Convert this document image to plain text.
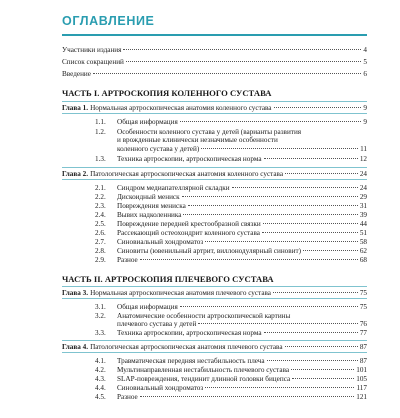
ОГЛАВЛЕНИЕ
Участники издания	4
Список сокращений	5
Введение	6
ЧАСТЬ I. АРТРОСКОПИЯ КОЛЕННОГО СУСТАВА
Глава 1. Нормальная артроскопическая анатомия коленного сустава	9
1.1.	Общая информация	9
1.2. Особенности коленного сустава у детей (варианты развития
и врожденные клинически незначимые особенности
коленного сустава у детей)	11
1.3.	Техника артроскопии, артроскопическая норма	12
Глава 2. Патологическая артроскопическая анатомия коленного сустава	24
2.1.	Синдром медиапателлярной складки	24
2.2.	Дискоидный мениск	29
2.3.	Повреждения мениска	31
2.4.	Вывих надколенника	39
2.5.	Повреждение передней крестообразной связки	44
2.6.	Рассекающий остеохондрит коленного сустава	51
2.7.	Синовиальный хондроматоз	58
2.8.	Синовиты (ювенильный артрит, виллонодулярный синовит)	62
2.9.	Разное	68
ЧАСТЬ II. АРТРОСКОПИЯ ПЛЕЧЕВОГО СУСТАВА
Глава 3. Нормальная артроскопическая анатомия плечевого сустава	75
3.1.	Общая информация	75
3.2. Анатомические особенности артроскопической картины
плечевого сустава у детей	76
3.3.	Техника артроскопии, артроскопическая норма	77
Глава 4. Патологическая артроскопическая анатомия плечевого сустава	87
4.1.	Травматическая передняя нестабильность плеча	87
4.2.	Мультинаправленная нестабильность плечевого сустава	101
4.3.	SLAP-повреждения, тендинит длинной головки бицепса	105
4.4.	Синовиальный хондроматоз	117
4.5.	Разное	121
